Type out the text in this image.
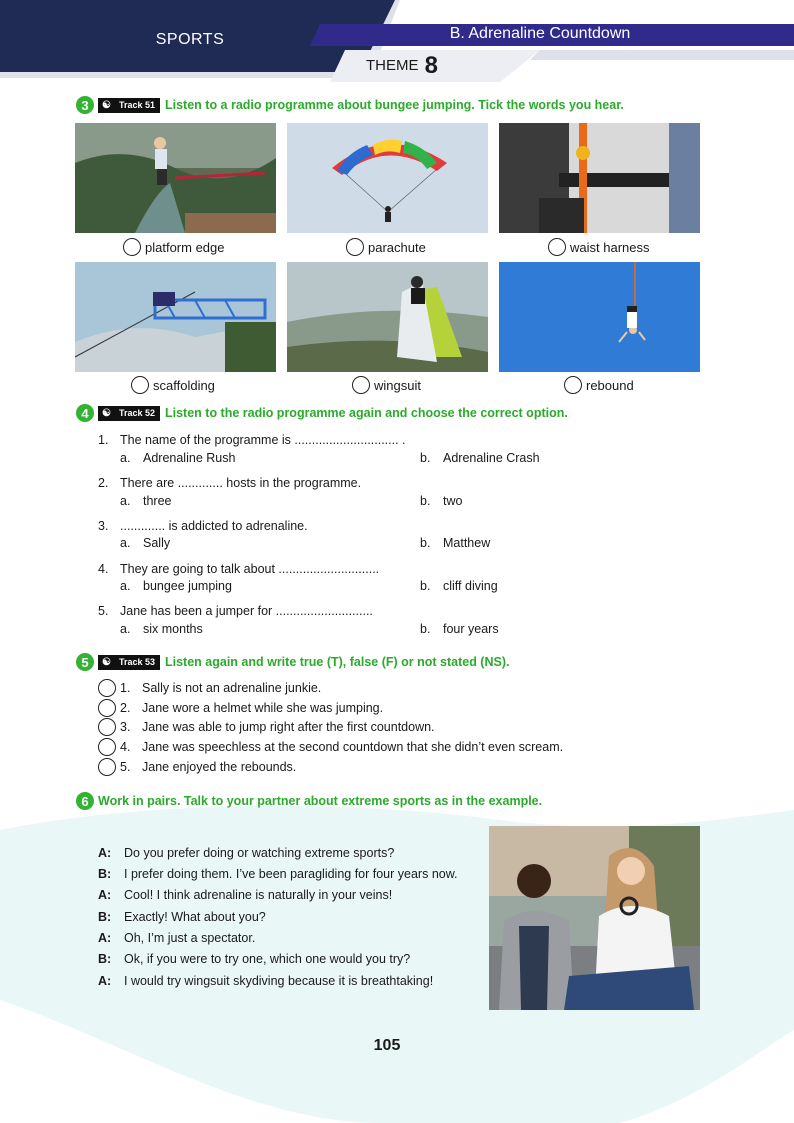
SPORTS	B. Adrenaline Countdown
THEME 8
3	☯ Track 51 Listen to a radio programme about bungee jumping. Tick the words you hear.
platform edge	parachute	waist harness
scaffolding	wingsuit	rebound
4	☯ Track 52 Listen to the radio programme again and choose the correct option.
1. The name of the programme is .............................. .
a. Adrenaline Rush	b. Adrenaline Crash
2. There are ............. hosts in the programme.
a. three	b. two
3. ............. is addicted to adrenaline.
a. Sally	b. Matthew
4. They are going to talk about .............................
a. bungee jumping	b. cliff diving
5. Jane has been a jumper for ............................
a. six months	b. four years
5	☯ Track 53 Listen again and write true (T), false (F) or not stated (NS).
1. Sally is not an adrenaline junkie.
2. Jane wore a helmet while she was jumping.
3. Jane was able to jump right after the first countdown.
4. Jane was speechless at the second countdown that she didn’t even scream.
5. Jane enjoyed the rebounds.
6 Work in pairs. Talk to your partner about extreme sports as in the example.
A: Do you prefer doing or watching extreme sports?
B: I prefer doing them. I’ve been paragliding for four years now.
A: Cool! I think adrenaline is naturally in your veins!
B: Exactly! What about you?
A: Oh, I’m just a spectator.
B: Ok, if you were to try one, which one would you try?
A: I would try wingsuit skydiving because it is breathtaking!
105
